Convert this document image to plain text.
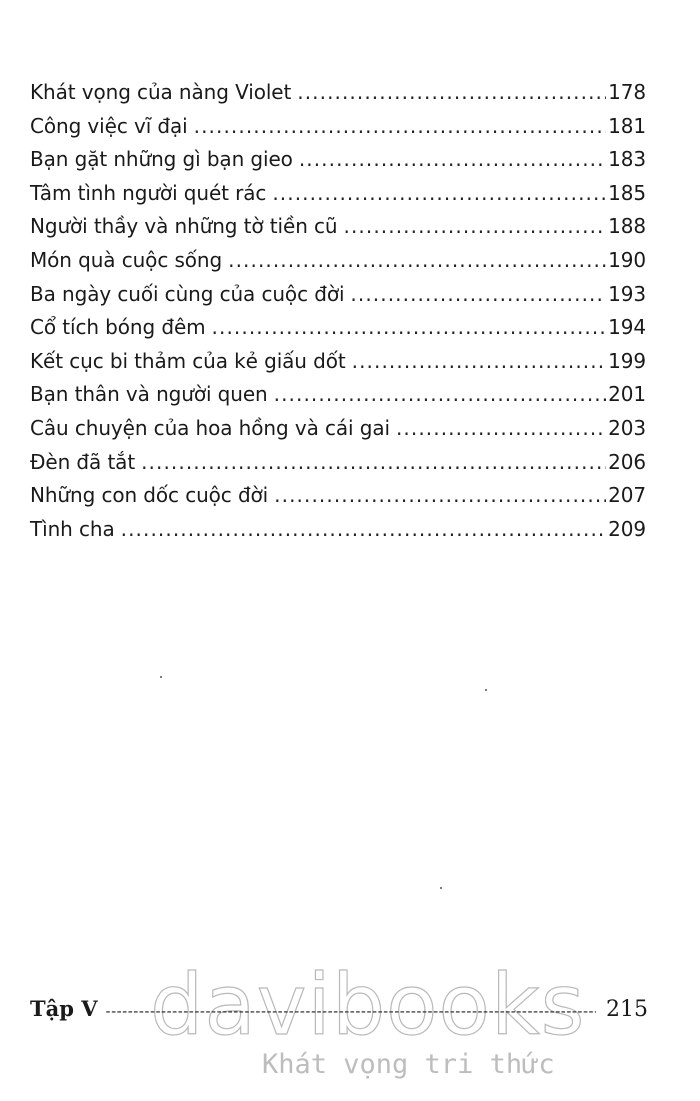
Khát vọng của nàng Violet .....	178
Công việc vĩ đại .....	181
Bạn gặt những gì bạn gieo .....	183
Tâm tình người quét rác .....	185
Người thầy và những tờ tiền cũ .....	188
Món quà cuộc sống .....	190
Ba ngày cuối cùng của cuộc đời .....	193
Cổ tích bóng đêm .....	194
Kết cục bi thảm của kẻ giấu dốt .....	199
Bạn thân và người quen .....	201
Câu chuyện của hoa hồng và cái gai .....	203
Đèn đã tắt .....	206
Những con dốc cuộc đời .....	207
Tình cha .....	209
davibooks
Khát vọng tri thức
Tập V -----	215
